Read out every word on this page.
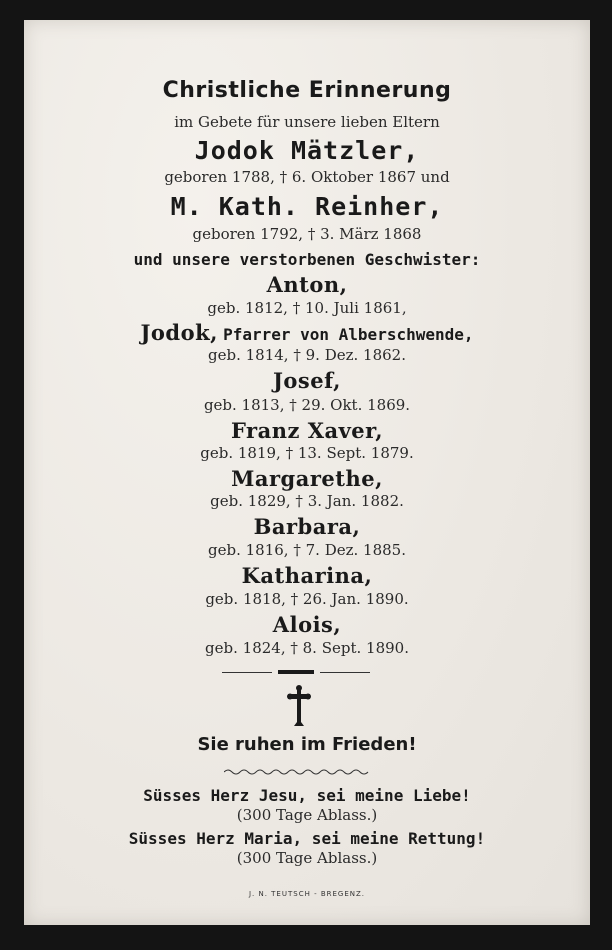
Christliche Erinnerung
im Gebete für unsere lieben Eltern
Jodok Mätzler,
geboren 1788, † 6. Oktober 1867 und
M. Kath. Reinher,
geboren 1792, † 3. März 1868
und unsere verstorbenen Geschwister:
Anton,
geb. 1812, † 10. Juli 1861,
Jodok, Pfarrer von Alberschwende,
geb. 1814, † 9. Dez. 1862.
Josef,
geb. 1813, † 29. Okt. 1869.
Franz Xaver,
geb. 1819, † 13. Sept. 1879.
Margarethe,
geb. 1829, † 3. Jan. 1882.
Barbara,
geb. 1816, † 7. Dez. 1885.
Katharina,
geb. 1818, † 26. Jan. 1890.
Alois,
geb. 1824, † 8. Sept. 1890.
Sie ruhen im Frieden!
Süsses Herz Jesu, sei meine Liebe!
(300 Tage Ablass.)
Süsses Herz Maria, sei meine Rettung!
(300 Tage Ablass.)
J. N. TEUTSCH - BREGENZ.
